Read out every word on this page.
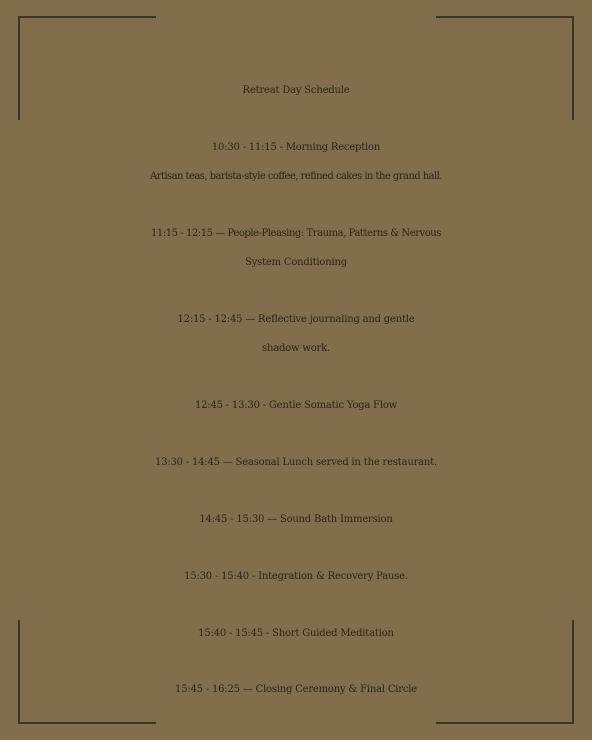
Retreat Day Schedule
10:30 - 11:15 - Morning Reception
Artisan teas, barista-style coffee, refined cakes in the grand hall.
11:15 - 12:15 — People-Pleasing: Trauma, Patterns & Nervous
System Conditioning
12:15 - 12:45 — Reflective journaling and gentle
shadow work.
12:45 - 13:30 - Gentle Somatic Yoga Flow
13:30 - 14:45 — Seasonal Lunch served in the restaurant.
14:45 - 15:30 — Sound Bath Immersion
15:30 - 15:40 - Integration & Recovery Pause.
15:40 - 15:45 - Short Guided Meditation
15:45 - 16:25 — Closing Ceremony & Final Circle
